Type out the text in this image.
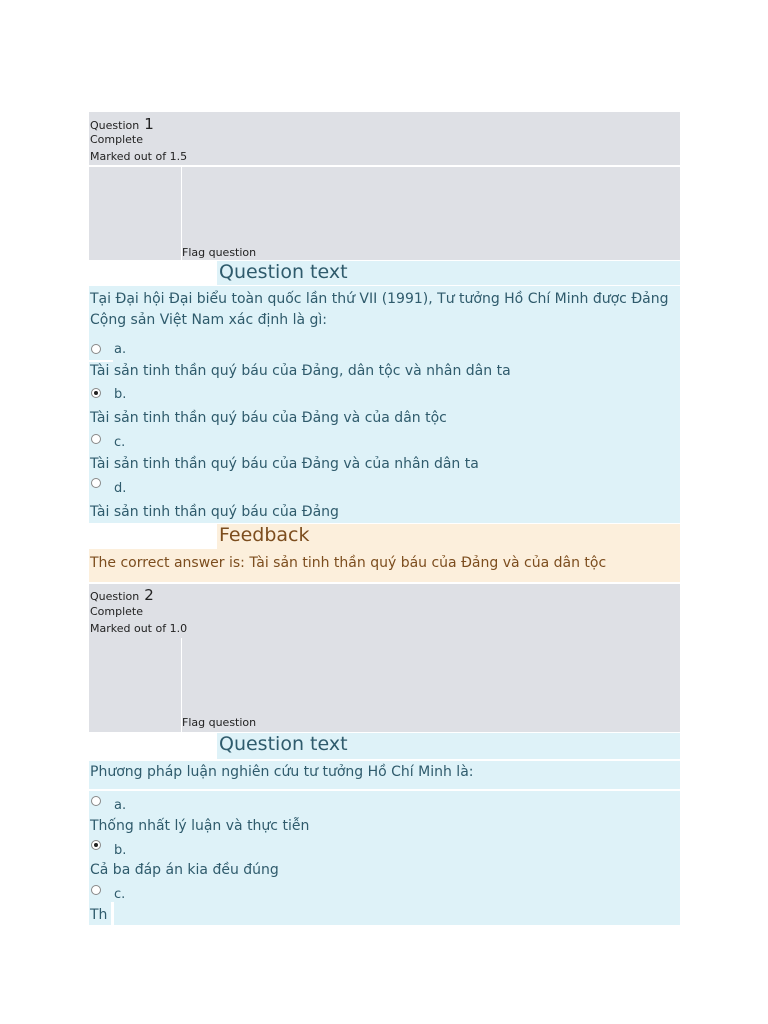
Question 1
Complete
Marked out of 1.5
Flag question
Question text
Tại Đại hội Đại biểu toàn quốc lần thứ VII (1991), Tư tưởng Hồ Chí Minh được Đảng Cộng sản Việt Nam xác định là gì:
a.
Tài sản tinh thần quý báu của Đảng, dân tộc và nhân dân ta
b.
Tài sản tinh thần quý báu của Đảng và của dân tộc
c.
Tài sản tinh thần quý báu của Đảng và của nhân dân ta
d.
Tài sản tinh thần quý báu của Đảng
Feedback
The correct answer is: Tài sản tinh thần quý báu của Đảng và của dân tộc
Question 2
Complete
Marked out of 1.0
Flag question
Question text
Phương pháp luận nghiên cứu tư tưởng Hồ Chí Minh là:
a.
Thống nhất lý luận và thực tiễn
b.
Cả ba đáp án kia đều đúng
c.
Th
